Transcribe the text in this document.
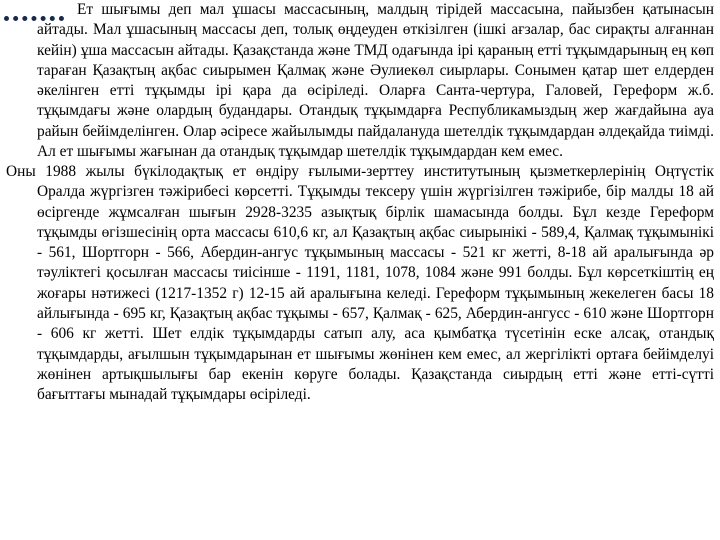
Ет шығымы деп мал ұшасы массасының, малдың тірідей массасына, пайызбен қатынасын айтады. Мал ұшасының массасы деп, толық өңдеуден өткізілген (ішкі ағзалар, бас сирақты алғаннан кейін) ұша массасын айтады. Қазақстанда және ТМД одағында ірі қараның етті тұқымдарының ең көп тараған Қазақтың ақбас сиырымен Қалмақ және Әулиекөл сиырлары. Сонымен қатар шет елдерден әкелінген етті тұқымды ірі қара да өсіріледі. Оларға Санта-чертура, Галовей, Гереформ ж.б. тұқымдағы және олардың будандары. Отандық тұқымдарға Республикамыздың жер жағдайына ауа райын бейімделінген. Олар әсіресе жайылымды пайдалануда шетелдік тұқымдардан әлдеқайда тиімді. Ал ет шығымы жағынан да отандық тұқымдар шетелдік тұқымдардан кем емес.

Оны 1988 жылы бүкілодақтық ет өндіру ғылыми-зерттеу институтының қызметкерлерінің Оңтүстік Оралда жүргізген тәжірибесі көрсетті. Тұқымды тексеру үшін жүргізілген тәжірибе, бір малды 18 ай өсіргенде жұмсалған шығын 2928-3235 азықтық бірлік шамасында болды. Бұл кезде Гереформ тұқымды өгізшесінің орта массасы 610,6 кг, ал Қазақтың ақбас сиырынікі - 589,4, Қалмақ тұқымынікі - 561, Шортгорн - 566, Абердин-ангус тұқымының массасы - 521 кг жетті, 8-18 ай аралығында әр тәуліктегі қосылған массасы тиісінше - 1191, 1181, 1078, 1084 және 991 болды. Бұл көрсеткіштің ең жоғары нәтижесі (1217-1352 г) 12-15 ай аралығына келеді. Гереформ тұқымының жекелеген басы 18 айлығында - 695 кг, Қазақтың ақбас тұқымы - 657, Қалмақ - 625, Абердин-ангусс - 610 және Шортгорн - 606 кг жетті. Шет елдік тұқымдарды сатып алу, аса қымбатқа түсетінін еске алсақ, отандық тұқымдарды, ағылшын тұқымдарынан ет шығымы жөнінен кем емес, ал жергілікті ортаға бейімделуі жөнінен артықшылығы бар екенін көруге болады. Қазақстанда сиырдың етті және етті-сүтті бағыттағы мынадай тұқымдары өсіріледі.
